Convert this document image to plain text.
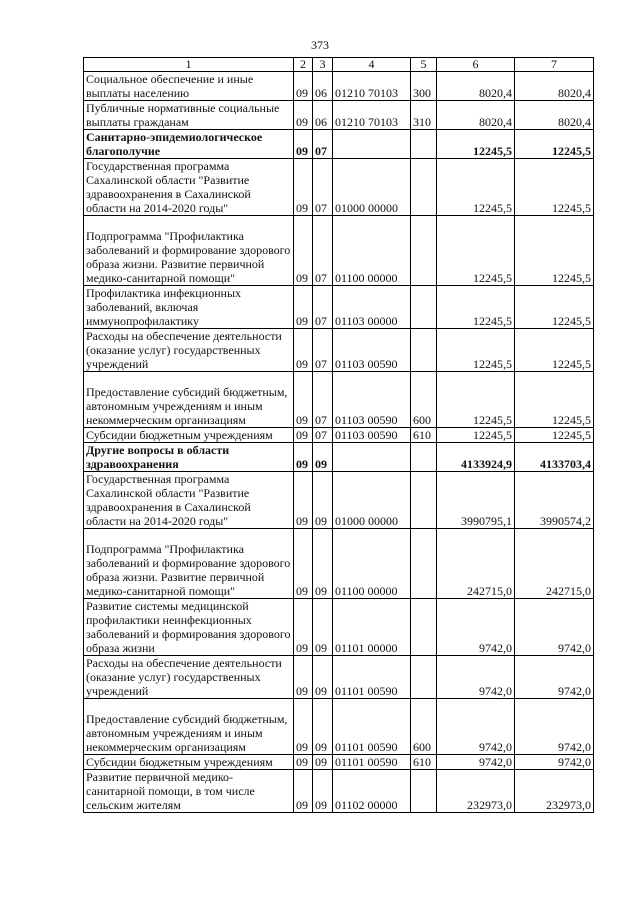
373
1	2	3	4	5	6	7
Социальное обеспечение и иные выплаты населению	09	06	01210 70103	300	8020,4	8020,4
Публичные нормативные социальные выплаты гражданам	09	06	01210 70103	310	8020,4	8020,4
Санитарно-эпидемиологическое благополучие	09	07			12245,5	12245,5
Государственная программа Сахалинской области "Развитие здравоохранения в Сахалинской области на 2014-2020 годы"	09	07	01000 00000		12245,5	12245,5
Подпрограмма "Профилактика заболеваний и формирование здорового образа жизни. Развитие первичной медико-санитарной помощи"	09	07	01100 00000		12245,5	12245,5
Профилактика инфекционных заболеваний, включая иммунопрофилактику	09	07	01103 00000		12245,5	12245,5
Расходы на обеспечение деятельности (оказание услуг) государственных учреждений	09	07	01103 00590		12245,5	12245,5
Предоставление субсидий бюджетным, автономным учреждениям и иным некоммерческим организациям	09	07	01103 00590	600	12245,5	12245,5
Субсидии бюджетным учреждениям	09	07	01103 00590	610	12245,5	12245,5
Другие вопросы в области здравоохранения	09	09			4133924,9	4133703,4
Государственная программа Сахалинской области "Развитие здравоохранения в Сахалинской области на 2014-2020 годы"	09	09	01000 00000		3990795,1	3990574,2
Подпрограмма "Профилактика заболеваний и формирование здорового образа жизни. Развитие первичной медико-санитарной помощи"	09	09	01100 00000		242715,0	242715,0
Развитие системы медицинской профилактики неинфекционных заболеваний и формирования здорового образа жизни	09	09	01101 00000		9742,0	9742,0
Расходы на обеспечение деятельности (оказание услуг) государственных учреждений	09	09	01101 00590		9742,0	9742,0
Предоставление субсидий бюджетным, автономным учреждениям и иным некоммерческим организациям	09	09	01101 00590	600	9742,0	9742,0
Субсидии бюджетным учреждениям	09	09	01101 00590	610	9742,0	9742,0
Развитие первичной медико-санитарной помощи, в том числе сельским жителям	09	09	01102 00000		232973,0	232973,0
